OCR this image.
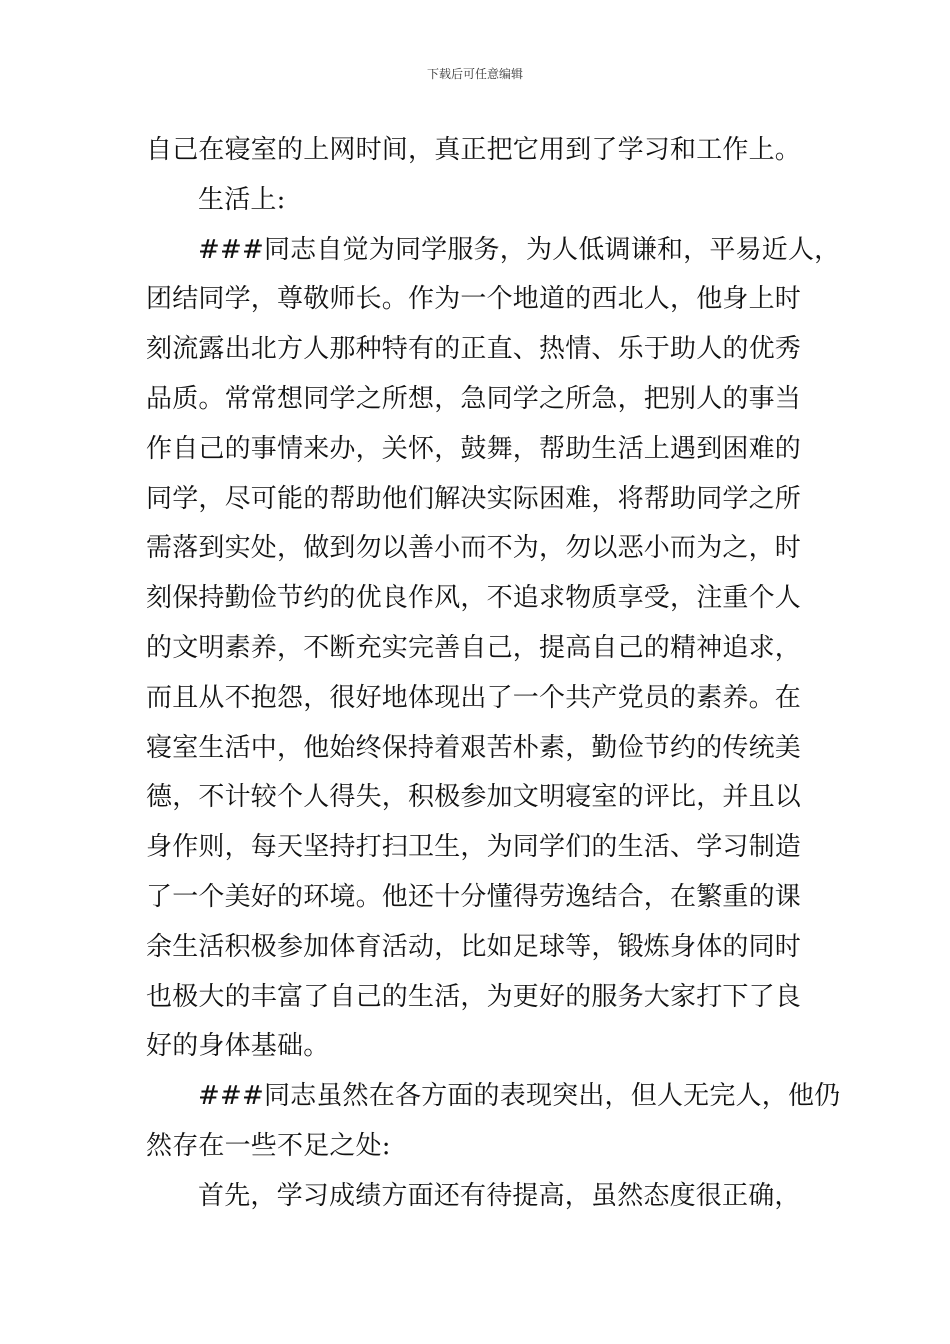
下载后可任意编辑
自己在寝室的上网时间，真正把它用到了学习和工作上。
生活上:
###同志自觉为同学服务，为人低调谦和，平易近人，
团结同学，尊敬师长。作为一个地道的西北人，他身上时
刻流露出北方人那种特有的正直、热情、乐于助人的优秀
品质。常常想同学之所想，急同学之所急，把别人的事当
作自己的事情来办，关怀，鼓舞，帮助生活上遇到困难的
同学，尽可能的帮助他们解决实际困难，将帮助同学之所
需落到实处，做到勿以善小而不为，勿以恶小而为之，时
刻保持勤俭节约的优良作风，不追求物质享受，注重个人
的文明素养，不断充实完善自己，提高自己的精神追求，
而且从不抱怨，很好地体现出了一个共产党员的素养。在
寝室生活中，他始终保持着艰苦朴素，勤俭节约的传统美
德，不计较个人得失，积极参加文明寝室的评比，并且以
身作则，每天坚持打扫卫生，为同学们的生活、学习制造
了一个美好的环境。他还十分懂得劳逸结合，在繁重的课
余生活积极参加体育活动，比如足球等，锻炼身体的同时
也极大的丰富了自己的生活，为更好的服务大家打下了良
好的身体基础。
###同志虽然在各方面的表现突出，但人无完人，他仍
然存在一些不足之处:
首先，学习成绩方面还有待提高，虽然态度很正确，
